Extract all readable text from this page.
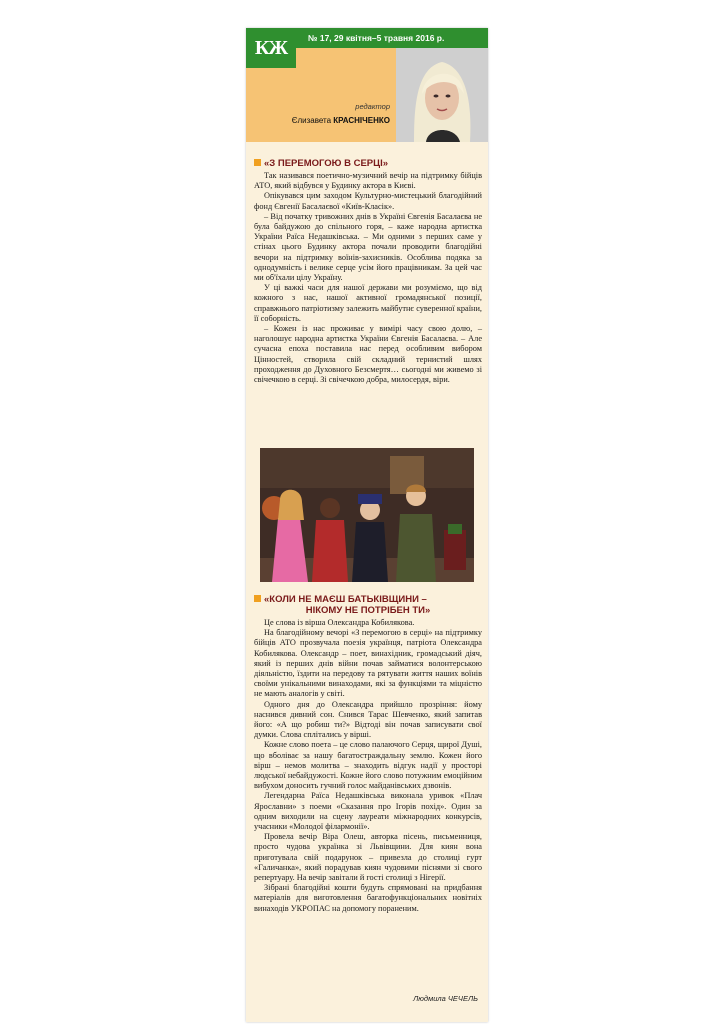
КЖ	№ 17, 29 квітня–5 травня 2016 р.
редактор
Єлизавета КРАСНІЧЕНКО
«З ПЕРЕМОГОЮ В СЕРЦІ»

Так називався поетично-музичний вечір на підтримку бійців АТО, який відбувся у Будинку актора в Києві.

Опікувався цим заходом Культурно-мистецький благодійний фонд Євгенії Басалаєвої «Київ-Класік».

– Від початку тривожних днів в Україні Євгенія Басалаєва не була байдужою до спільного горя, – каже народна артистка України Раїса Недашківська. – Ми одними з перших саме у стінах цього Будинку актора почали проводити благодійні вечори на підтримку воїнів-захисників. Особлива подяка за однодумність і велике серце усім його працівникам. За цей час ми об'їхали цілу Україну.

У ці важкі часи для нашої держави ми розуміємо, що від кожного з нас, нашої активної громадянської позиції, справжнього патріотизму залежить майбутнє суверенної країни, її соборність.

– Кожен із нас проживає у вимірі часу свою долю, – наголошує народна артистка України Євгенія Басалаєва. – Але сучасна епоха поставила нас перед особливим вибором Цінностей, створила свій складний тернистий шлях проходження до Духовного Безсмертя… сьогодні ми живемо зі свічечкою в серці. Зі свічечкою добра, милосердя, віри.

«КОЛИ НЕ МАЄШ БАТЬКІВЩИНИ –
НІКОМУ НЕ ПОТРІБЕН ТИ»

Це слова із вірша Олександра Кобилякова.

На благодійному вечорі «З перемогою в серці» на підтримку бійців АТО прозвучала поезія українця, патріота Олександра Кобилякова. Олександр – поет, винахідник, громадський діяч, який із перших днів війни почав займатися волонтерською діяльністю, їздити на передову та рятувати життя наших воїнів своїми унікальними винаходами, які за функціями та міцністю не мають аналогів у світі.

Одного дня до Олександра прийшло прозріння: йому наснився дивний сон. Снився Тарас Шевченко, який запитав його: «А що робиш ти?» Відтоді він почав записувати свої думки. Слова сплітались у вірші.

Кожне слово поета – це слово палаючого Серця, щирої Душі, що вболіває за нашу багатостраждальну землю. Кожен його вірш – немов молитва – знаходить відгук надії у просторі людської небайдужості. Кожне його слово потужним емоційним вибухом доносить гучний голос майданівських дзвонів.

Легендарна Раїса Недашківська виконала уривок «Плач Ярославни» з поеми «Сказання про Ігорів похід». Один за одним виходили на сцену лауреати міжнародних конкурсів, учасники «Молодої філармонії».

Провела вечір Віра Олеш, авторка пісень, письменниця, просто чудова українка зі Львівщини. Для киян вона приготувала свій подарунок – привезла до столиці гурт «Галичанка», який порадував киян чудовими піснями зі свого репертуару. На вечір завітали й гості столиці з Нігерії.

Зібрані благодійні кошти будуть спрямовані на придбання матеріалів для виготовлення багатофункціональних новітніх винаходів УКРОПАС на допомогу пораненим.

Людмила ЧЕЧЕЛЬ
